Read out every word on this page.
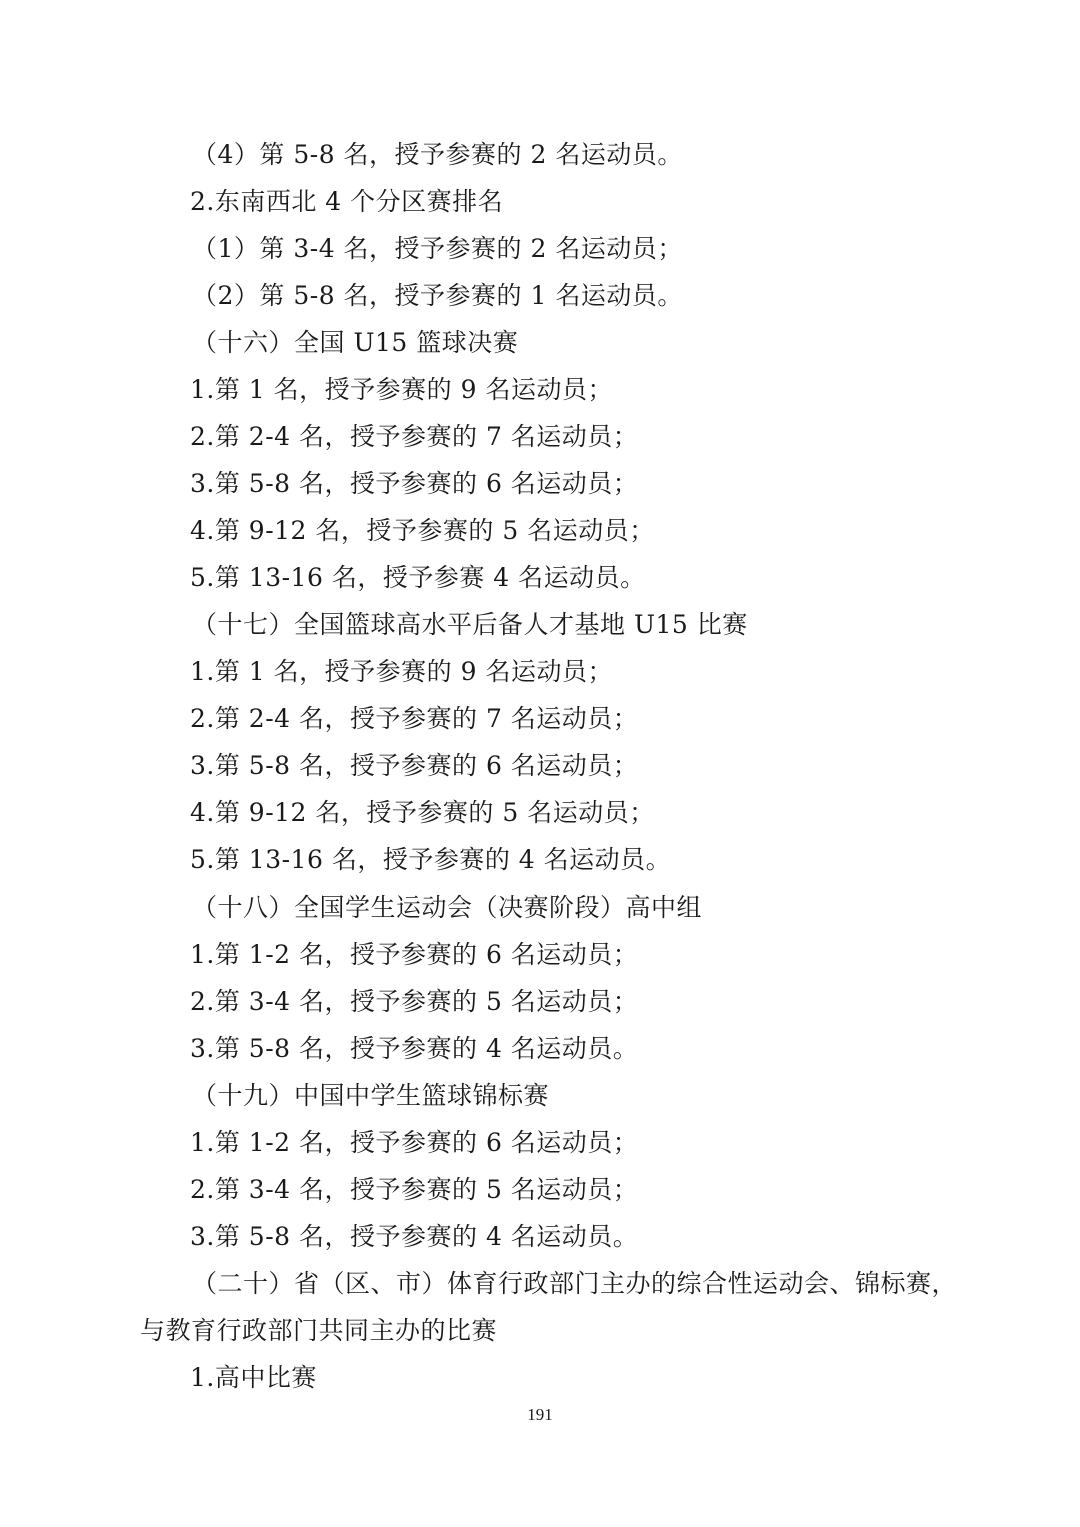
（4）第 5-8 名，授予参赛的 2 名运动员。
2.东南西北 4 个分区赛排名
（1）第 3-4 名，授予参赛的 2 名运动员；
（2）第 5-8 名，授予参赛的 1 名运动员。
（十六）全国 U15 篮球决赛
1.第 1 名，授予参赛的 9 名运动员；
2.第 2-4 名，授予参赛的 7 名运动员；
3.第 5-8 名，授予参赛的 6 名运动员；
4.第 9-12 名，授予参赛的 5 名运动员；
5.第 13-16 名，授予参赛 4 名运动员。
（十七）全国篮球高水平后备人才基地 U15 比赛
1.第 1 名，授予参赛的 9 名运动员；
2.第 2-4 名，授予参赛的 7 名运动员；
3.第 5-8 名，授予参赛的 6 名运动员；
4.第 9-12 名，授予参赛的 5 名运动员；
5.第 13-16 名，授予参赛的 4 名运动员。
（十八）全国学生运动会（决赛阶段）高中组
1.第 1-2 名，授予参赛的 6 名运动员；
2.第 3-4 名，授予参赛的 5 名运动员；
3.第 5-8 名，授予参赛的 4 名运动员。
（十九）中国中学生篮球锦标赛
1.第 1-2 名，授予参赛的 6 名运动员；
2.第 3-4 名，授予参赛的 5 名运动员；
3.第 5-8 名，授予参赛的 4 名运动员。
（二十）省（区、市）体育行政部门主办的综合性运动会、锦标赛，
与教育行政部门共同主办的比赛
1.高中比赛
191
